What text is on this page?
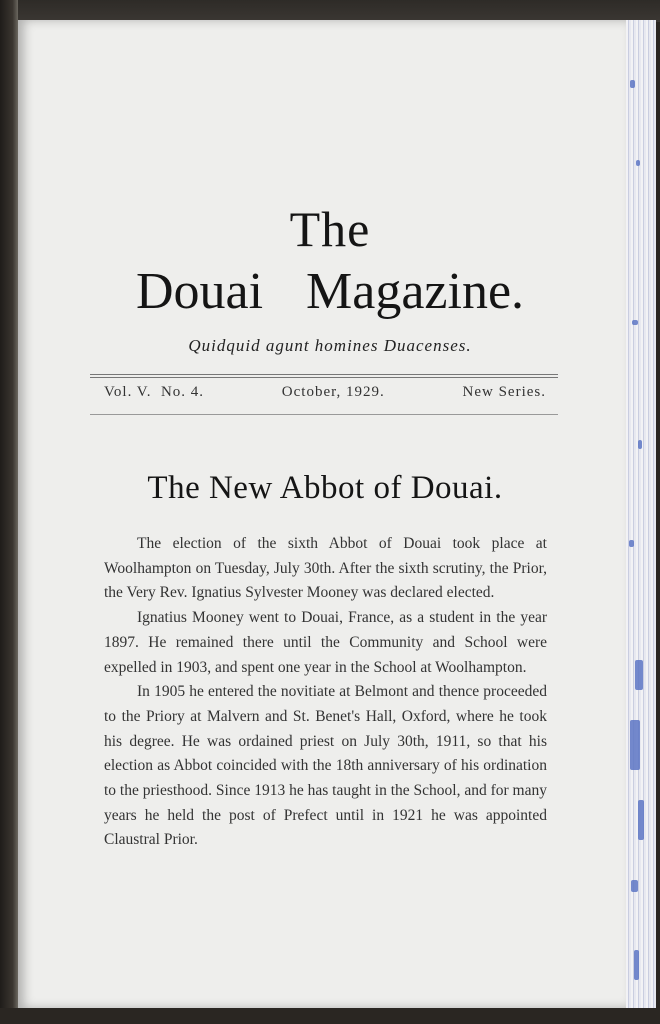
The
Douai Magazine.
Quidquid agunt homines Duacenses.
Vol. V. No. 4.	October, 1929.	New Series.
The New Abbot of Douai.

The election of the sixth Abbot of Douai took place at Woolhampton on Tuesday, July 30th. After the sixth scrutiny, the Prior, the Very Rev. Ignatius Sylvester Mooney was declared elected.

Ignatius Mooney went to Douai, France, as a student in the year 1897. He remained there until the Community and School were expelled in 1903, and spent one year in the School at Woolhampton.

In 1905 he entered the novitiate at Belmont and thence proceeded to the Priory at Malvern and St. Benet's Hall, Oxford, where he took his degree. He was ordained priest on July 30th, 1911, so that his election as Abbot coincided with the 18th anniversary of his ordination to the priesthood. Since 1913 he has taught in the School, and for many years he held the post of Prefect until in 1921 he was appointed Claustral Prior.
